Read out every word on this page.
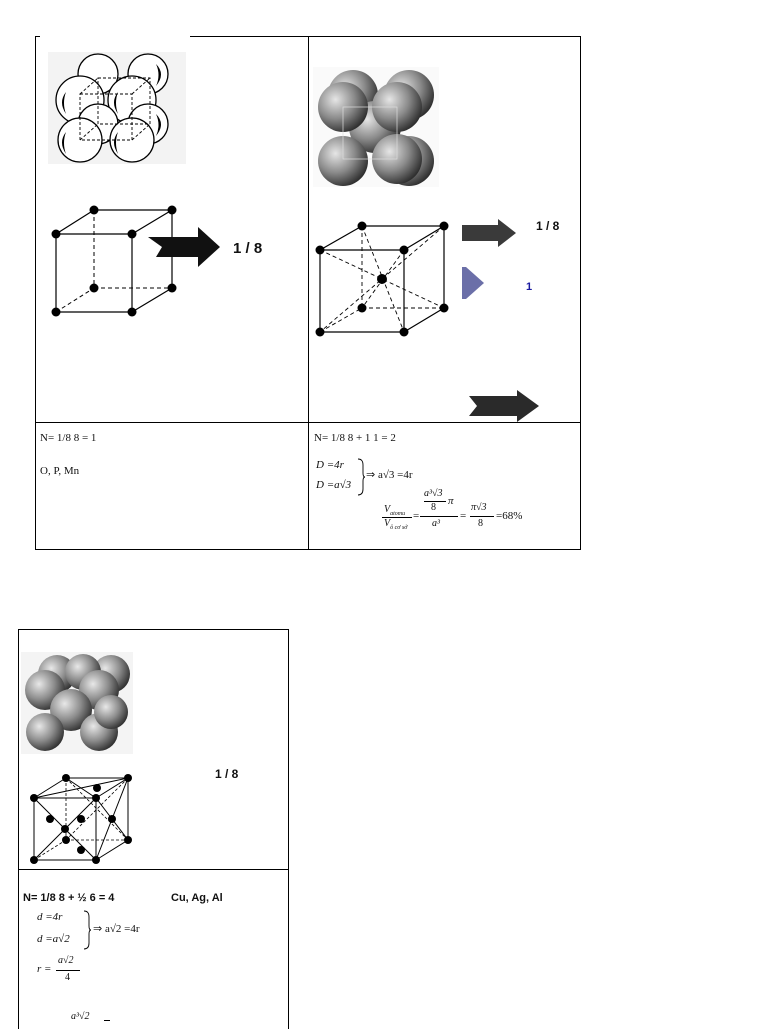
1 / 8
1 / 8
1
N= 1/8 8 = 1
O, P, Mn
N= 1/8 8 + 1 1 = 2
D =4r
D =a√3
⇒ a√3 =4r
$V_{atomu}$
$V_{ô cơ sở}$
=
a³√3
8
π
a³
=
π√3
8
=68%
1 / 8
N= 1/8 8 + ½ 6 = 4	Cu, Ag, Al
d =4r
d =a√2
⇒ a√2 =4r
r =
a√2
4
a³√2
